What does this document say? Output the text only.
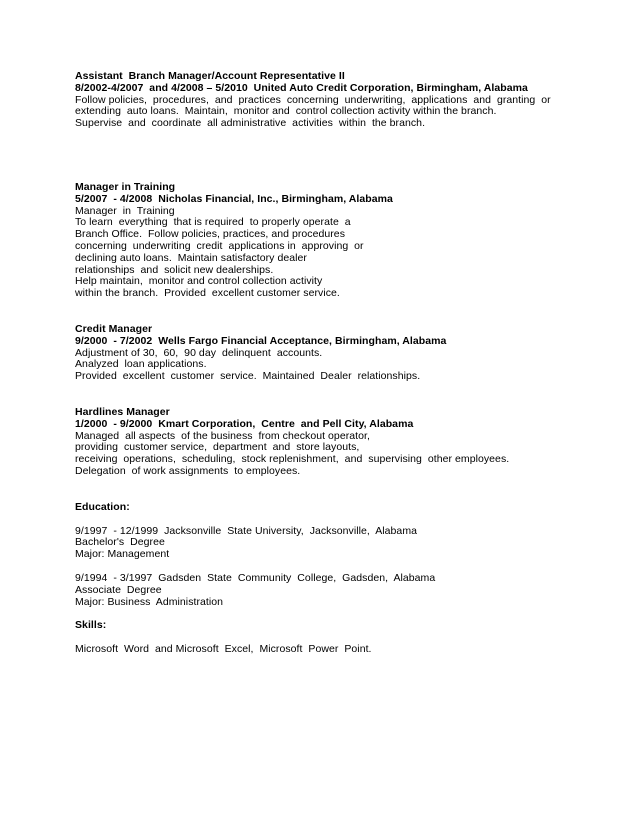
Assistant  Branch Manager/Account Representative II
8/2002-4/2007  and 4/2008 – 5/2010  United Auto Credit Corporation, Birmingham, Alabama
Follow policies,  procedures,  and  practices  concerning  underwriting,  applications  and  granting  or
extending  auto loans.  Maintain,  monitor and  control collection activity within the branch.
Supervise  and  coordinate  all administrative  activities  within  the branch.
Manager in Training
5/2007  - 4/2008  Nicholas Financial, Inc., Birmingham, Alabama
Manager  in  Training
To learn  everything  that is required  to properly operate  a
Branch Office.  Follow policies, practices, and procedures
concerning  underwriting  credit  applications in  approving  or
declining auto loans.  Maintain satisfactory dealer
relationships  and  solicit new dealerships.
Help maintain,  monitor and control collection activity
within the branch.  Provided  excellent customer service.
Credit Manager
9/2000  - 7/2002  Wells Fargo Financial Acceptance, Birmingham, Alabama
Adjustment of 30,  60,  90 day  delinquent  accounts.
Analyzed  loan applications.
Provided  excellent  customer  service.  Maintained  Dealer  relationships.
Hardlines Manager
1/2000  - 9/2000  Kmart Corporation,  Centre  and Pell City, Alabama
Managed  all aspects  of the business  from checkout operator,
providing  customer service,  department  and  store layouts,
receiving  operations,  scheduling,  stock replenishment,  and  supervising  other employees.
Delegation  of work assignments  to employees.
Education:
9/1997  - 12/1999  Jacksonville  State University,  Jacksonville,  Alabama
Bachelor's  Degree
Major: Management
9/1994  - 3/1997  Gadsden  State  Community  College,  Gadsden,  Alabama
Associate  Degree
Major: Business  Administration
Skills:
Microsoft  Word  and Microsoft  Excel,  Microsoft  Power  Point.
